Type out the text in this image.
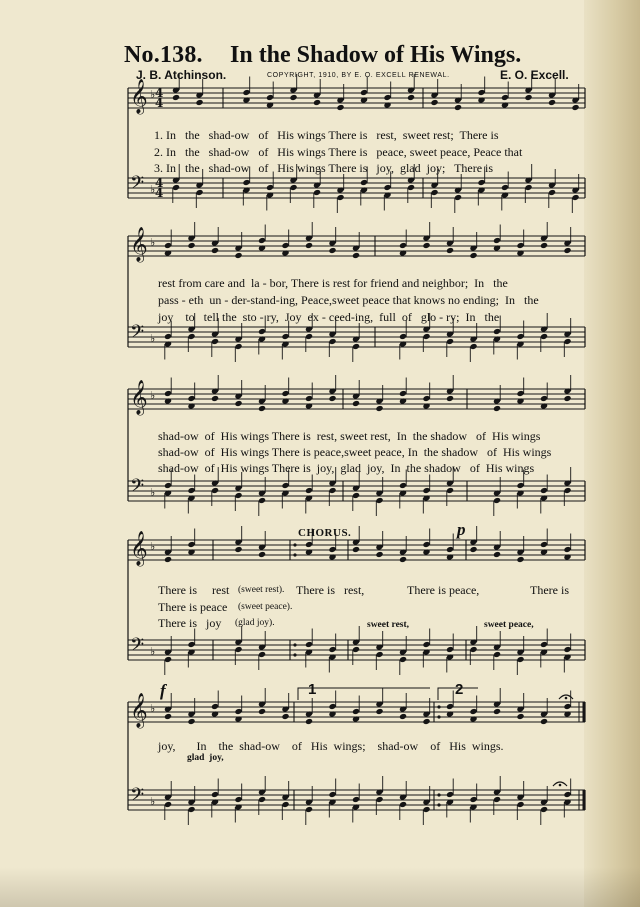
No.138. In the Shadow of His Wings.
J. B. Atchinson.	COPYRIGHT, 1910, BY E. O. EXCELL RENEWAL.	E. O. Excell.
𝄞 ♭
𝄢 ♭
𝄞 ♭
𝄢 ♭
𝄞 ♭
𝄢 ♭
𝄞 ♭
𝄢 ♭
𝄞 ♭
𝄢 ♭
4
4
4
4
1. In   the   shad-ow   of   His wings There is   rest,  sweet rest;  There is
2. In   the   shad-ow   of   His wings There is   peace, sweet peace, Peace that
3. In   the   shad-ow   of   His wings There is   joy,  glad  joy;   There is
rest from care and  la - bor, There is rest for friend and neighbor;  In   the
pass - eth  un - der-stand-ing, Peace,sweet peace that knows no ending;  In   the
joy    to   tell the  sto - ry,  Joy  ex - ceed-ing,  full  of   glo - ry;  In   the
shad-ow  of  His wings There is  rest, sweet rest,  In  the shadow   of  His wings
shad-ow  of  His wings There is peace,sweet peace, In  the shadow   of  His wings
shad-ow  of  His wings There is  joy,  glad  joy,  In  the shadow   of  His wings
CHORUS.	p
There is rest (sweet rest). There is   rest,	There is peace,	There is
There is peace (sweet peace).
There is   joy (glad joy).	sweet rest,	sweet peace,
f	1	2
joy,       In    the  shad-ow    of   His  wings;    shad-ow    of   His  wings.
glad  joy,
